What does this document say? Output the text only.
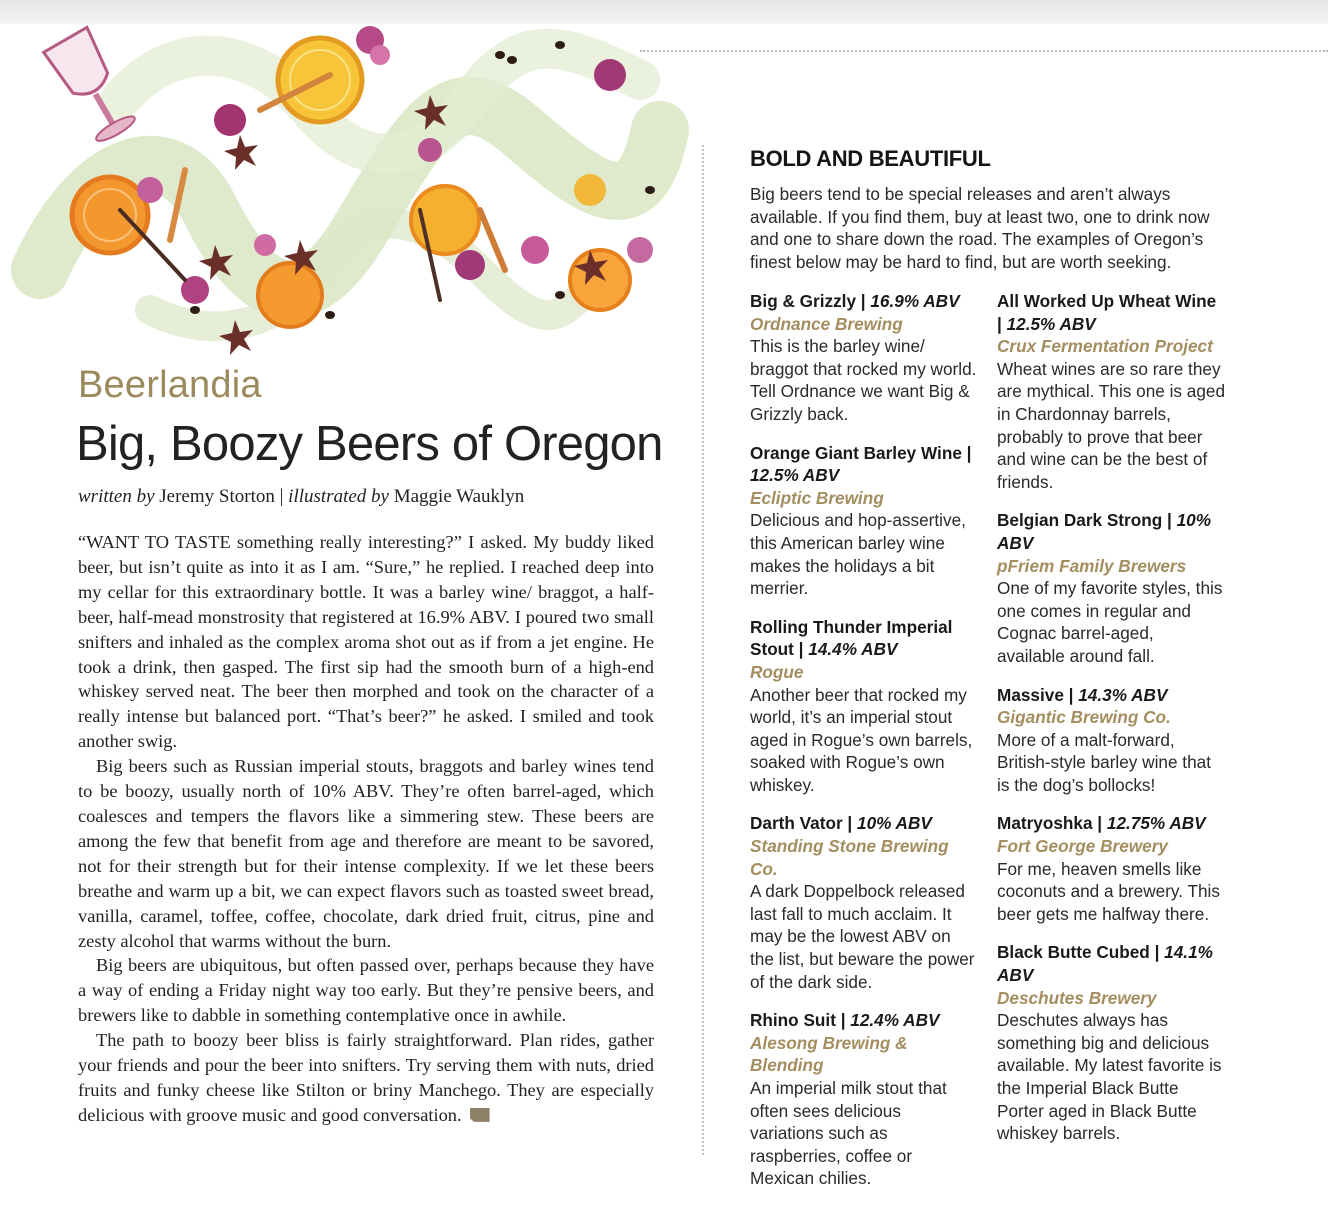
Beerlandia
Big, Boozy Beers of Oregon

written by Jeremy Storton | illustrated by Maggie Wauklyn

“WANT TO TASTE something really interesting?” I asked. My buddy liked beer, but isn’t quite as into it as I am. “Sure,” he replied. I reached deep into my cellar for this extraordinary bottle. It was a barley wine/ braggot, a half-beer, half-mead monstrosity that registered at 16.9% ABV. I poured two small snifters and inhaled as the complex aroma shot out as if from a jet engine. He took a drink, then gasped. The first sip had the smooth burn of a high-end whiskey served neat. The beer then morphed and took on the character of a really intense but balanced port. “That’s beer?” he asked. I smiled and took another swig.

Big beers such as Russian imperial stouts, braggots and barley wines tend to be boozy, usually north of 10% ABV. They’re often barrel-aged, which coalesces and tempers the flavors like a simmering stew. These beers are among the few that benefit from age and therefore are meant to be savored, not for their strength but for their intense complexity. If we let these beers breathe and warm up a bit, we can expect flavors such as toasted sweet bread, vanilla, caramel, toffee, coffee, chocolate, dark dried fruit, citrus, pine and zesty alcohol that warms without the burn.

Big beers are ubiquitous, but often passed over, perhaps because they have a way of ending a Friday night way too early. But they’re pensive beers, and brewers like to dabble in something contemplative once in awhile.

The path to boozy beer bliss is fairly straightforward. Plan rides, gather your friends and pour the beer into snifters. Try serving them with nuts, dried fruits and funky cheese like Stilton or briny Manchego. They are especially delicious with groove music and good conversation.

BOLD AND BEAUTIFUL

Big beers tend to be special releases and aren’t always available. If you find them, buy at least two, one to drink now and one to share down the road. The examples of Oregon’s finest below may be hard to find, but are worth seeking.

Big & Grizzly | 16.9% ABV
Ordnance Brewing
This is the barley wine/ braggot that rocked my world. Tell Ordnance we want Big & Grizzly back.
Orange Giant Barley Wine | 12.5% ABV
Ecliptic Brewing
Delicious and hop-assertive, this American barley wine makes the holidays a bit merrier.
Rolling Thunder Imperial Stout | 14.4% ABV
Rogue
Another beer that rocked my world, it’s an imperial stout aged in Rogue’s own barrels, soaked with Rogue’s own whiskey.
Darth Vator | 10% ABV
Standing Stone Brewing Co.
A dark Doppelbock released last fall to much acclaim. It may be the lowest ABV on the list, but beware the power of the dark side.
Rhino Suit | 12.4% ABV
Alesong Brewing & Blending
An imperial milk stout that often sees delicious variations such as raspberries, coffee or Mexican chilies.
All Worked Up Wheat Wine | 12.5% ABV
Crux Fermentation Project
Wheat wines are so rare they are mythical. This one is aged in Chardonnay barrels, probably to prove that beer and wine can be the best of friends.
Belgian Dark Strong | 10% ABV
pFriem Family Brewers
One of my favorite styles, this one comes in regular and Cognac barrel-aged, available around fall.
Massive | 14.3% ABV
Gigantic Brewing Co.
More of a malt-forward, British-style barley wine that is the dog’s bollocks!
Matryoshka | 12.75% ABV
Fort George Brewery
For me, heaven smells like coconuts and a brewery. This beer gets me halfway there.
Black Butte Cubed | 14.1% ABV
Deschutes Brewery
Deschutes always has something big and delicious available. My latest favorite is the Imperial Black Butte Porter aged in Black Butte whiskey barrels.
